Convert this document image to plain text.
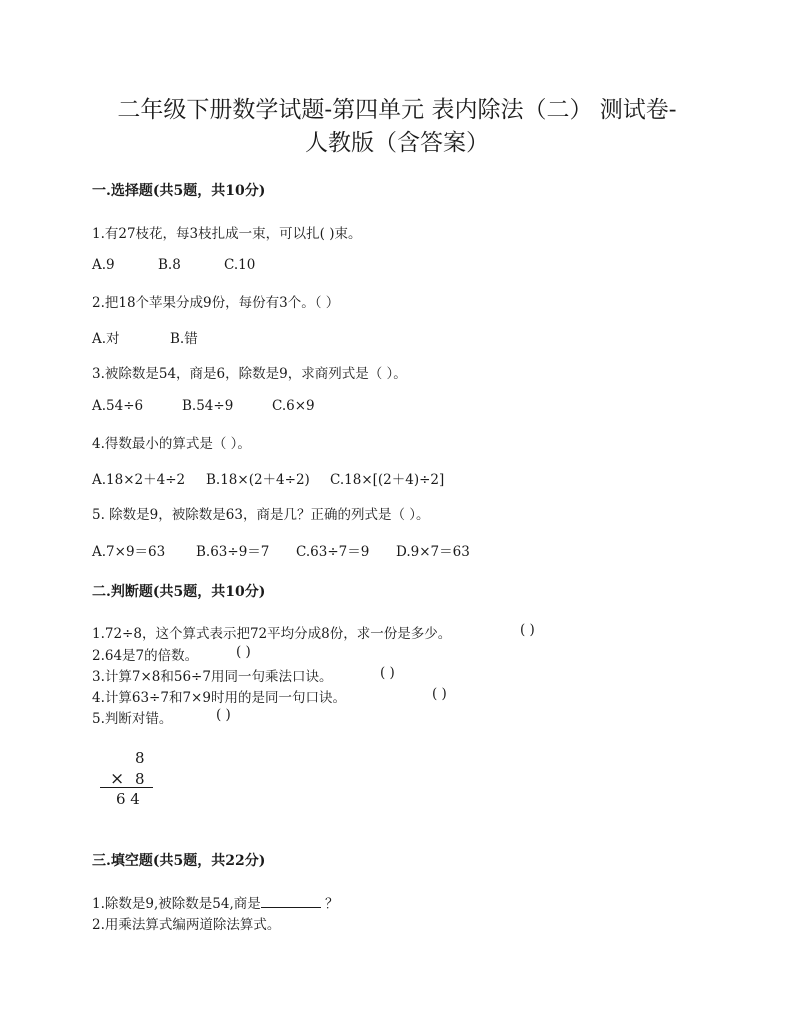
二年级下册数学试题-第四单元 表内除法（二） 测试卷-
人教版（含答案）
一.选择题(共5题，共10分)
1.有27枝花，每3枝扎成一束，可以扎( )束。
A.9	B.8	C.10
2.把18个苹果分成9份，每份有3个。（ ）
A.对	B.错
3.被除数是54，商是6，除数是9，求商列式是（ ）。
A.54÷6	B.54÷9	C.6×9
4.得数最小的算式是（ ）。
A.18×2＋4÷2 B.18×(2＋4÷2) C.18×[(2＋4)÷2]
5. 除数是9，被除数是63，商是几？正确的列式是（ ）。
A.7×9＝63 B.63÷9＝7 C.63÷7＝9 D.9×7＝63
二.判断题(共5题，共10分)
1.72÷8，这个算式表示把72平均分成8份，求一份是多少。	( )
2.64是7的倍数。	( )
3.计算7×8和56÷7用同一句乘法口诀。	( )
4.计算63÷7和7×9时用的是同一句口诀。	( )
5.判断对错。	( )
8
× 8
6 4
三.填空题(共5题，共22分)
1.除数是9,被除数是54,商是	？
2.用乘法算式编两道除法算式。
